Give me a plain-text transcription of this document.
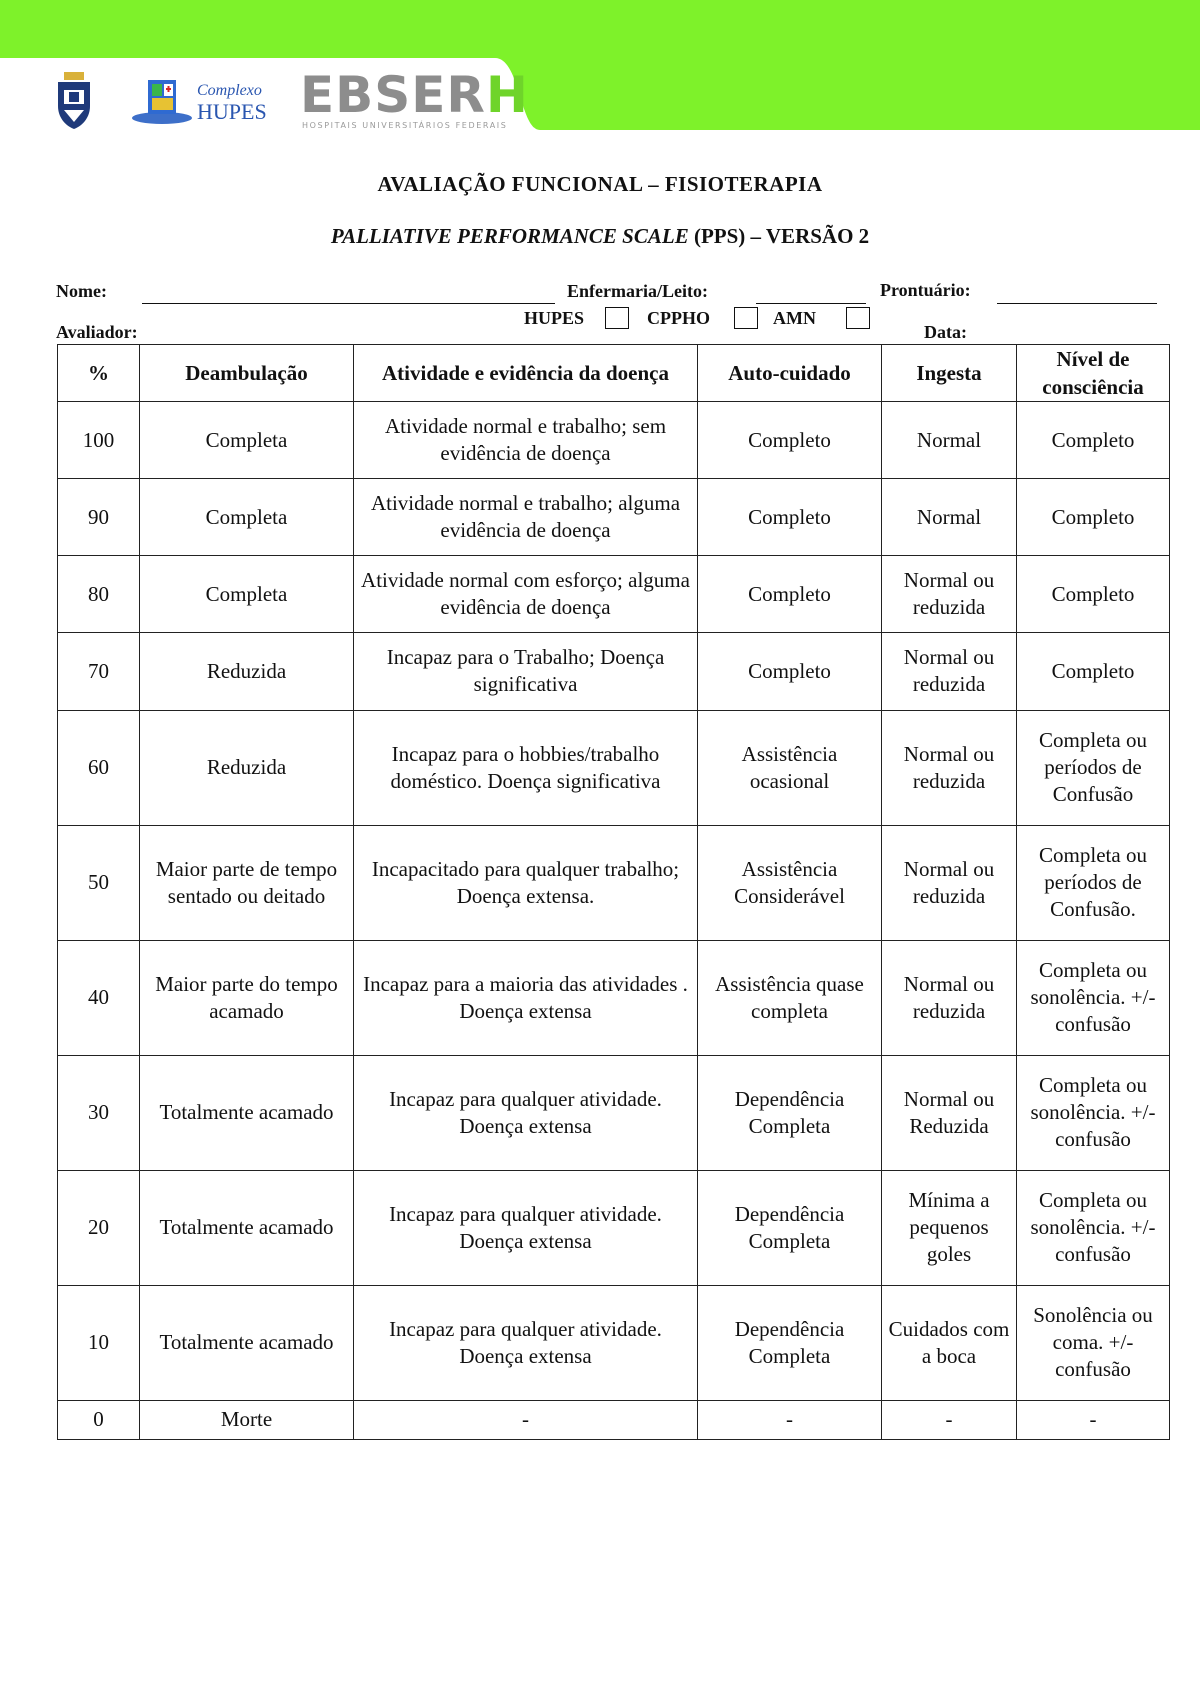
Complexo
HUPES EBSERH
HOSPITAIS UNIVERSITÁRIOS FEDERAIS
AVALIAÇÃO FUNCIONAL – FISIOTERAPIA
PALLIATIVE PERFORMANCE SCALE (PPS) – VERSÃO 2
Nome:	Enfermaria/Leito:	Prontuário:
HUPES	CPPHO	AMN
Avaliador:	Data:
%	Deambulação	Atividade e evidência da doença	Auto-cuidado	Ingesta	Nível de consciência
100	Completa	Atividade normal e trabalho; sem evidência de doença	Completo	Normal	Completo
90	Completa	Atividade normal e trabalho; alguma evidência de doença	Completo	Normal	Completo
80	Completa	Atividade normal com esforço; alguma evidência de doença	Completo	Normal ou reduzida	Completo
70	Reduzida	Incapaz para o Trabalho; Doença significativa	Completo	Normal ou reduzida	Completo
60	Reduzida	Incapaz para o hobbies/trabalho doméstico. Doença significativa	Assistência ocasional	Normal ou reduzida	Completa ou períodos de Confusão
50	Maior parte de tempo sentado ou deitado	Incapacitado para qualquer trabalho; Doença extensa.	Assistência Considerável	Normal ou reduzida	Completa ou períodos de Confusão.
40	Maior parte do tempo acamado	Incapaz para a maioria das atividades . Doença extensa	Assistência quase completa	Normal ou reduzida	Completa ou sonolência. +/- confusão
30	Totalmente acamado	Incapaz para qualquer atividade. Doença extensa	Dependência Completa	Normal ou Reduzida	Completa ou sonolência. +/- confusão
20	Totalmente acamado	Incapaz para qualquer atividade. Doença extensa	Dependência Completa	Mínima a pequenos goles	Completa ou sonolência. +/- confusão
10	Totalmente acamado	Incapaz para qualquer atividade. Doença extensa	Dependência Completa	Cuidados com a boca	Sonolência ou coma. +/- confusão
0	Morte	-	-	-	-
